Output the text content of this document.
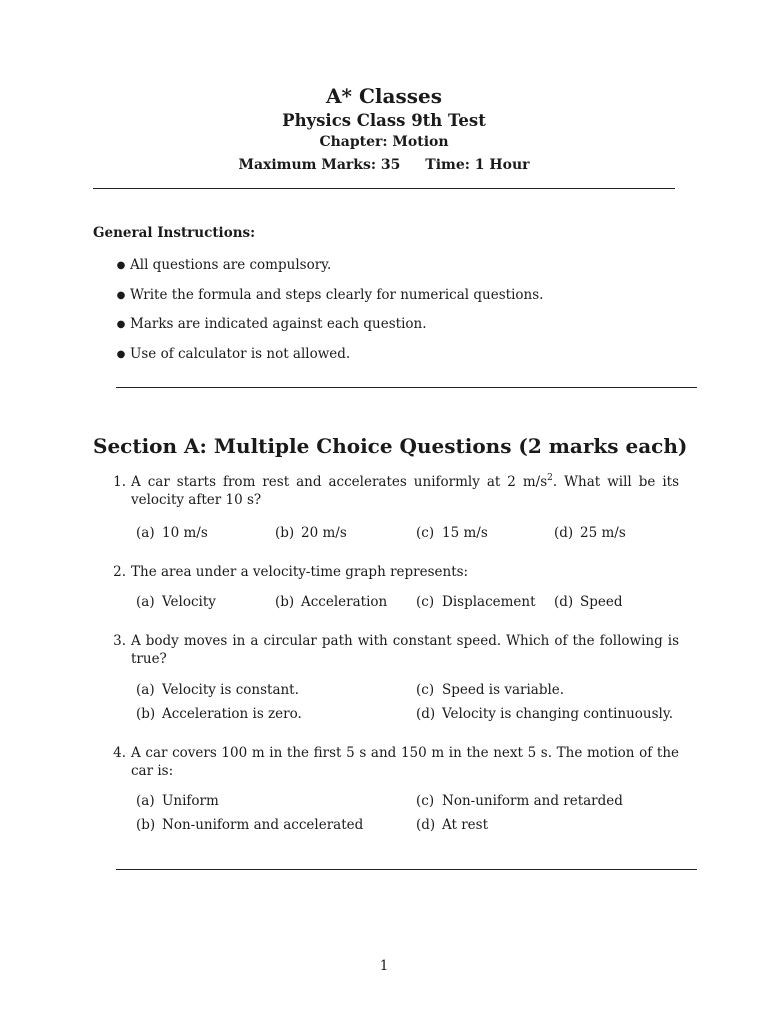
A* Classes
Physics Class 9th Test
Chapter: Motion
Maximum Marks: 35 Time: 1 Hour
General Instructions:
● All questions are compulsory.
● Write the formula and steps clearly for numerical questions.
● Marks are indicated against each question.
● Use of calculator is not allowed.
Section A: Multiple Choice Questions (2 marks each)
1. A car starts from rest and accelerates uniformly at 2 $m/s^2$. What will be its velocity after 10 s?
(a) 10 m/s	(b) 20 m/s	(c) 15 m/s	(d) 25 m/s
2. The area under a velocity-time graph represents:
(a) Velocity	(b) Acceleration (c) Displacement (d) Speed
3. A body moves in a circular path with constant speed. Which of the following is true?
(a) Velocity is constant.
(b) Acceleration is zero.
(c) Speed is variable.
(d) Velocity is changing continuously.
4. A car covers 100 m in the first 5 s and 150 m in the next 5 s. The motion of the car is:
(a) Uniform
(b) Non-uniform and accelerated
(c) Non-uniform and retarded
(d) At rest
1
